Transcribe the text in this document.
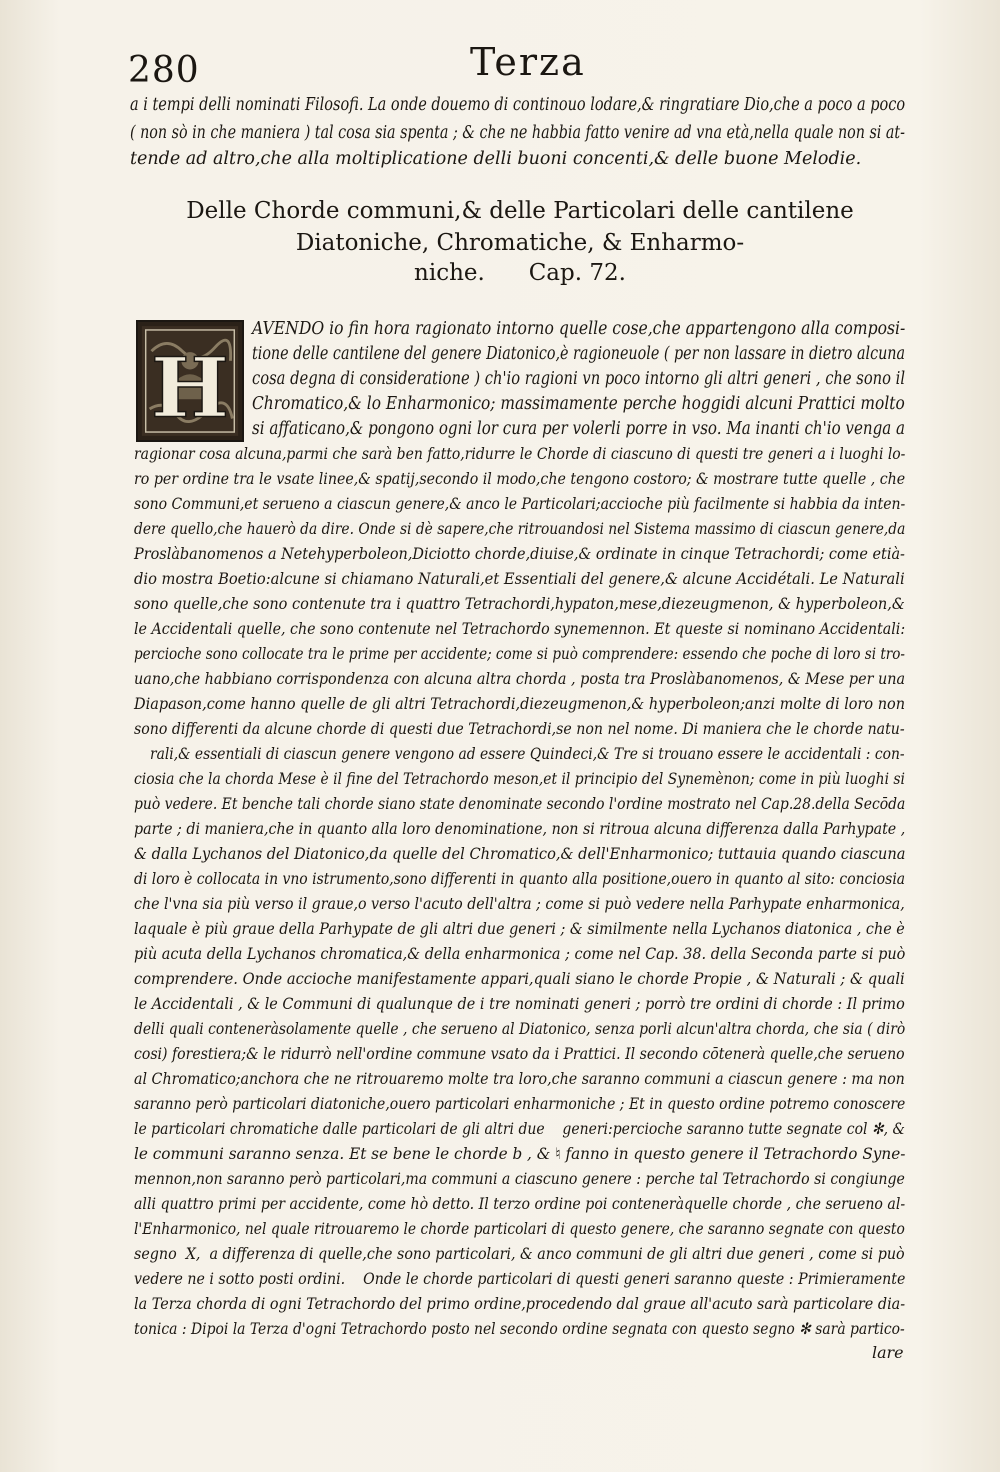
280	Terza
a i tempi delli nominati Filosofi. La onde douemo di continouo lodare,& ringratiare Dio,che a poco a poco
( non sò in che maniera ) tal cosa sia spenta ; & che ne habbia fatto venire ad vna età,nella quale non si at-
tende ad altro,che alla moltiplicatione delli buoni concenti,& delle buone Melodie.
Delle Chorde communi,& delle Particolari delle cantilene
Diatoniche, Chromatiche, & Enharmo-
niche.      Cap. 72.
H
AVENDO io fin hora ragionato intorno quelle cose,che appartengono alla composi-
tione delle cantilene del genere Diatonico,è ragioneuole ( per non lassare in dietro alcuna
cosa degna di consideratione ) ch'io ragioni vn poco intorno gli altri generi , che sono il
Chromatico,& lo Enharmonico; massimamente perche hoggidi alcuni Prattici molto
si affaticano,& pongono ogni lor cura per volerli porre in vso. Ma inanti ch'io venga a
ragionar cosa alcuna,parmi che sarà ben fatto,ridurre le Chorde di ciascuno di questi tre generi a i luoghi lo-
ro per ordine tra le vsate linee,& spatij,secondo il modo,che tengono costoro; & mostrare tutte quelle , che
sono Communi,et serueno a ciascun genere,& anco le Particolari;accioche più facilmente si habbia da inten-
dere quello,che hauerò da dire. Onde si dè sapere,che ritrouandosi nel Sistema massimo di ciascun genere,da
Proslàbanomenos a Netehyperboleon,Diciotto chorde,diuise,& ordinate in cinque Tetrachordi; come etià-
dio mostra Boetio:alcune si chiamano Naturali,et Essentiali del genere,& alcune Accidétali. Le Naturali
sono quelle,che sono contenute tra i quattro Tetrachordi,hypaton,mese,diezeugmenon, & hyperboleon,&
le Accidentali quelle, che sono contenute nel Tetrachordo synemennon. Et queste si nominano Accidentali:
percioche sono collocate tra le prime per accidente; come si può comprendere: essendo che poche di loro si tro-
uano,che habbiano corrispondenza con alcuna altra chorda , posta tra Proslàbanomenos, & Mese per una
Diapason,come hanno quelle de gli altri Tetrachordi,diezeugmenon,& hyperboleon;anzi molte di loro non
sono differenti da alcune chorde di questi due Tetrachordi,se non nel nome. Di maniera che le chorde natu-
rali,& essentiali di ciascun genere vengono ad essere Quindeci,& Tre si trouano essere le accidentali : con-
ciosia che la chorda Mese è il fine del Tetrachordo meson,et il principio del Synemènon; come in più luoghi si
può vedere. Et benche tali chorde siano state denominate secondo l'ordine mostrato nel Cap.28.della Secōda
parte ; di maniera,che in quanto alla loro denominatione, non si ritroua alcuna differenza dalla Parhypate ,
& dalla Lychanos del Diatonico,da quelle del Chromatico,& dell'Enharmonico; tuttauia quando ciascuna
di loro è collocata in vno istrumento,sono differenti in quanto alla positione,ouero in quanto al sito: conciosia
che l'vna sia più verso il graue,o verso l'acuto dell'altra ; come si può vedere nella Parhypate enharmonica,
laquale è più graue della Parhypate de gli altri due generi ; & similmente nella Lychanos diatonica , che è
più acuta della Lychanos chromatica,& della enharmonica ; come nel Cap. 38. della Seconda parte si può
comprendere. Onde accioche manifestamente appari,quali siano le chorde Propie , & Naturali ; & quali
le Accidentali , & le Communi di qualunque de i tre nominati generi ; porrò tre ordini di chorde : Il primo
delli quali conteneràsolamente quelle , che serueno al Diatonico, senza porli alcun'altra chorda, che sia ( dirò
cosi) forestiera;& le ridurrò nell'ordine commune vsato da i Prattici. Il secondo cōtenerà quelle,che serueno
al Chromatico;anchora che ne ritrouaremo molte tra loro,che saranno communi a ciascun genere : ma non
saranno però particolari diatoniche,ouero particolari enharmoniche ; Et in questo ordine potremo conoscere
le particolari chromatiche dalle particolari de gli altri due    generi:percioche saranno tutte segnate col ✻, &
le communi saranno senza. Et se bene le chorde b , & ♮ fanno in questo genere il Tetrachordo Syne-
mennon,non saranno però particolari,ma communi a ciascuno genere : perche tal Tetrachordo si congiunge
alli quattro primi per accidente, come hò detto. Il terzo ordine poi conteneràquelle chorde , che serueno al-
l'Enharmonico, nel quale ritrouaremo le chorde particolari di questo genere, che saranno segnate con questo
segno  X,  a differenza di quelle,che sono particolari, & anco communi de gli altri due generi , come si può
vedere ne i sotto posti ordini.    Onde le chorde particolari di questi generi saranno queste : Primieramente
la Terza chorda di ogni Tetrachordo del primo ordine,procedendo dal graue all'acuto sarà particolare dia-
tonica : Dipoi la Terza d'ogni Tetrachordo posto nel secondo ordine segnata con questo segno ✻ sarà partico-
lare
